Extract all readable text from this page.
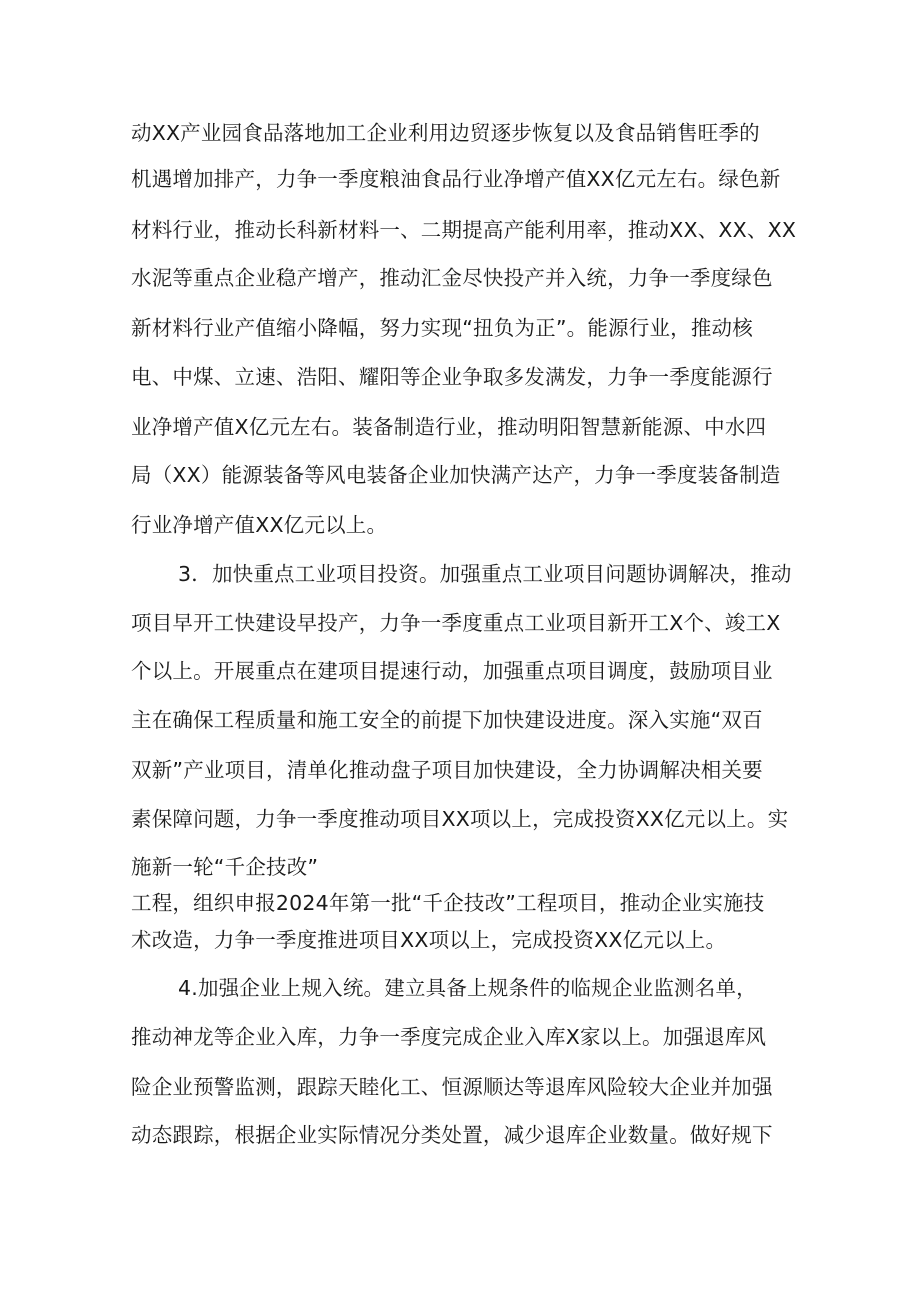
动XX产业园食品落地加工企业利用边贸逐步恢复以及食品销售旺季的
机遇增加排产，力争一季度粮油食品行业净增产值XX亿元左右。绿色新
材料行业，推动长科新材料一、二期提高产能利用率，推动XX、XX、XX
水泥等重点企业稳产增产，推动汇金尽快投产并入统，力争一季度绿色
新材料行业产值缩小降幅，努力实现“扭负为正”。能源行业，推动核
电、中煤、立速、浩阳、耀阳等企业争取多发满发，力争一季度能源行
业净增产值X亿元左右。装备制造行业，推动明阳智慧新能源、中水四
局（XX）能源装备等风电装备企业加快满产达产，力争一季度装备制造
行业净增产值XX亿元以上。
3．加快重点工业项目投资。加强重点工业项目问题协调解决，推动
项目早开工快建设早投产，力争一季度重点工业项目新开工X个、竣工X
个以上。开展重点在建项目提速行动，加强重点项目调度，鼓励项目业
主在确保工程质量和施工安全的前提下加快建设进度。深入实施“双百
双新”产业项目，清单化推动盘子项目加快建设，全力协调解决相关要
素保障问题，力争一季度推动项目XX项以上，完成投资XX亿元以上。实
施新一轮“千企技改”
工程，组织申报2024年第一批“千企技改”工程项目，推动企业实施技
术改造，力争一季度推进项目XX项以上，完成投资XX亿元以上。
4.加强企业上规入统。建立具备上规条件的临规企业监测名单，
推动神龙等企业入库，力争一季度完成企业入库X家以上。加强退库风
险企业预警监测，跟踪天睦化工、恒源顺达等退库风险较大企业并加强
动态跟踪，根据企业实际情况分类处置，减少退库企业数量。做好规下
